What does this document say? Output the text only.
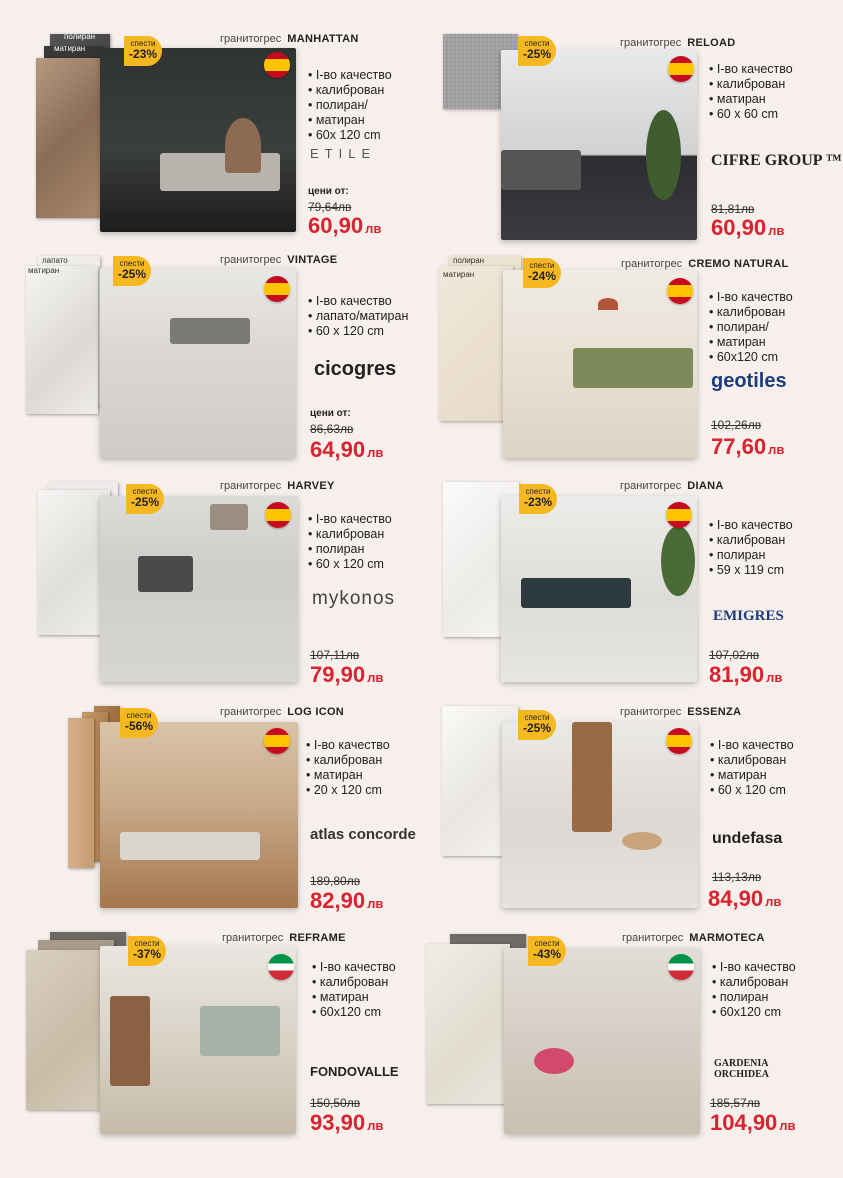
полиран
матиран
спести
-23%
гранитогрес MANHATTAN
• І-во качество
• калиброван
• полиран/
• матиран
• 60х 120 cm
ETILE
цени от:
79,64лв
60,90 лв
спести
-25%
гранитогрес RELOAD
• І-во качество
• калиброван
• матиран
• 60 х 60 cm
CIFRE GROUP ™
81,81лв
60,90 лв
лапато
матиран
спести
-25%
гранитогрес VINTAGE
• І-во качество
• лапато/матиран
• 60 х 120 cm
cicogres
цени от:
86,63лв
64,90 лв
полиран
матиран
спести
-24%
гранитогрес CREMO NATURAL
• І-во качество
• калиброван
• полиран/
• матиран
• 60х120 cm
geotiles
102,26лв
77,60 лв
спести
-25%
гранитогрес HARVEY
• І-во качество
• калиброван
• полиран
• 60 х 120 cm
mykonos
107,11лв
79,90 лв
спести
-23%
гранитогрес DIANA
• І-во качество
• калиброван
• полиран
• 59 х 119 cm
EMIGRES
107,02лв
81,90 лв
спести
-56%
гранитогрес LOG ICON
• І-во качество
• калиброван
• матиран
• 20 х 120 cm
atlas concorde
189,80лв
82,90 лв
спести
-25%
гранитогрес ESSENZA
• І-во качество
• калиброван
• матиран
• 60 х 120 cm
undefasa
113,13лв
84,90 лв
спести
-37%
гранитогрес REFRAME
• І-во качество
• калиброван
• матиран
• 60х120 cm
FONDOVALLE
150,50лв
93,90 лв
спести
-43%
гранитогрес MARMOTECA
• І-во качество
• калиброван
• полиран
• 60х120 cm
GARDENIA ORCHIDEA
185,57лв
104,90 лв
